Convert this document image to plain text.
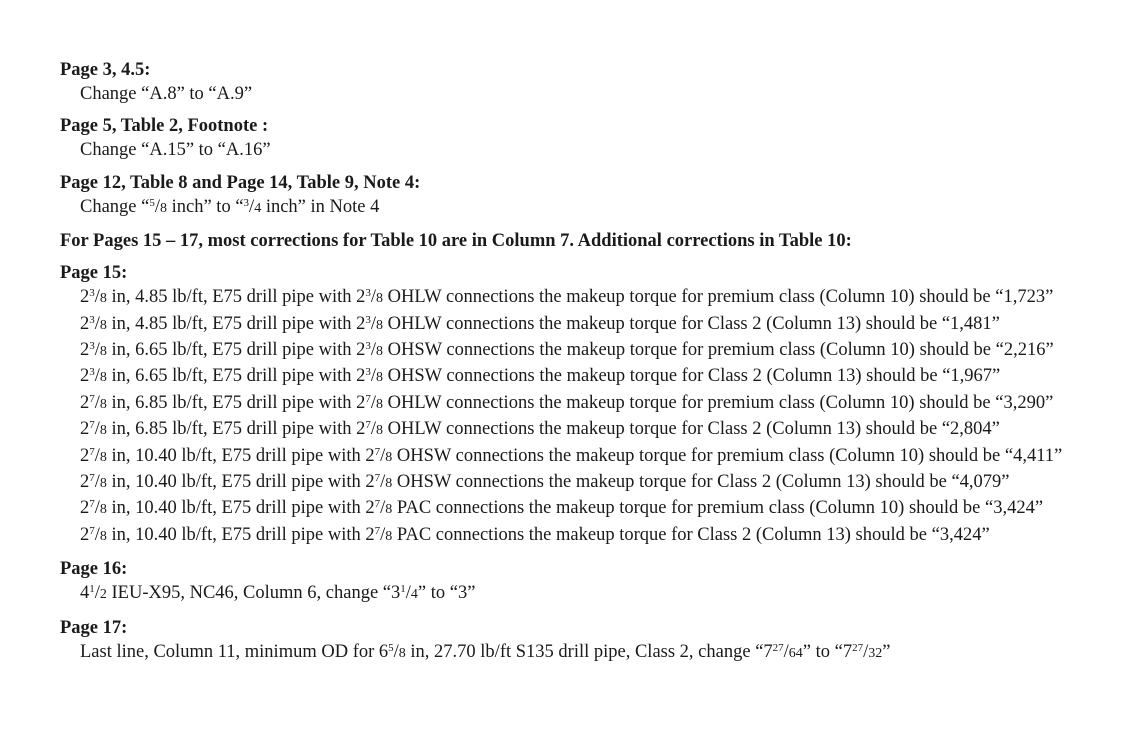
Page 3, 4.5:
Change “A.8” to “A.9”
Page 5, Table 2, Footnote :
Change “A.15” to “A.16”
Page 12, Table 8 and Page 14, Table 9, Note 4:
Change “$^5$/8 inch” to “$^3$/4 inch” in Note 4
For Pages 15 – 17, most corrections for Table 10 are in Column 7. Additional corrections in Table 10:
Page 15:
$2^3/8$ in, 4.85 lb/ft, E75 drill pipe with $2^3/8$ OHLW connections the makeup torque for premium class (Column 10) should be “1,723”
$2^3/8$ in, 4.85 lb/ft, E75 drill pipe with $2^3/8$ OHLW connections the makeup torque for Class 2 (Column 13) should be “1,481”
$2^3/8$ in, 6.65 lb/ft, E75 drill pipe with $2^3/8$ OHSW connections the makeup torque for premium class (Column 10) should be “2,216”
$2^3/8$ in, 6.65 lb/ft, E75 drill pipe with $2^3/8$ OHSW connections the makeup torque for Class 2 (Column 13) should be “1,967”
$2^7/8$ in, 6.85 lb/ft, E75 drill pipe with $2^7/8$ OHLW connections the makeup torque for premium class (Column 10) should be “3,290”
$2^7/8$ in, 6.85 lb/ft, E75 drill pipe with $2^7/8$ OHLW connections the makeup torque for Class 2 (Column 13) should be “2,804”
$2^7/8$ in, 10.40 lb/ft, E75 drill pipe with $2^7/8$ OHSW connections the makeup torque for premium class (Column 10) should be “4,411”
$2^7/8$ in, 10.40 lb/ft, E75 drill pipe with $2^7/8$ OHSW connections the makeup torque for Class 2 (Column 13) should be “4,079”
$2^7/8$ in, 10.40 lb/ft, E75 drill pipe with $2^7/8$ PAC connections the makeup torque for premium class (Column 10) should be “3,424”
$2^7/8$ in, 10.40 lb/ft, E75 drill pipe with $2^7/8$ PAC connections the makeup torque for Class 2 (Column 13) should be “3,424”
Page 16:
$4^1/2$ IEU-X95, NC46, Column 6, change “$3^1/4$” to “3”
Page 17:
Last line, Column 11, minimum OD for $6^5/8$ in, 27.70 lb/ft S135 drill pipe, Class 2, change “$7^{27}/64$” to “$7^{27}/32$”
